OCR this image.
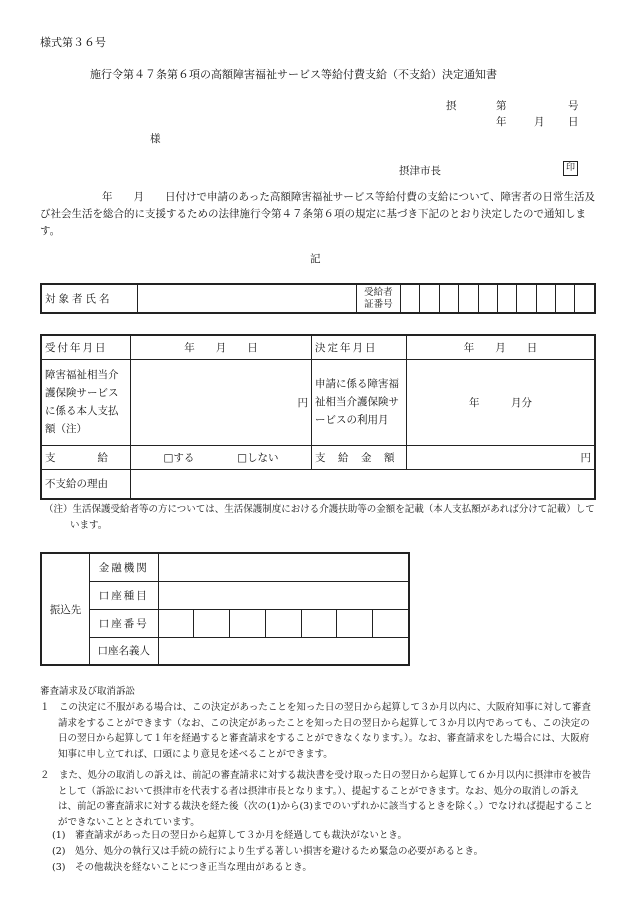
様式第３６号
施行令第４７条第６項の高額障害福祉サービス等給付費支給（不支給）決定通知書
摂	第	号
年	月 日
様
摂津市長	印
年　　月　　日付けで申請のあった高額障害福祉サービス等給付費の支給について、障害者の日常生活及び社会生活を総合的に支援するための法律施行令第４７条第６項の規定に基づき下記のとおり決定したので通知します。
記
対象者氏名		受給者
証番号										
受付年月日	年　　月　　日	決定年月日	年　　月　　日
障害福祉相当介護保険サービスに係る本人支払額（注）	円	申請に係る障害福祉相当介護保険サービスの利用月	年　　　月分
支　　　　給	□する □しない	支　給　金　額	円
不支給の理由			
（注）生活保護受給者等の方については、生活保護制度における介護扶助等の金額を記載（本人支払額があれば分けて記載）しています。
振込先	金融機関							
	口座種目							
	口座番号							
	口座名義人							
審査請求及び取消訴訟
１　この決定に不服がある場合は、この決定があったことを知った日の翌日から起算して３か月以内に、大阪府知事に対して審査請求をすることができます（なお、この決定があったことを知った日の翌日から起算して３か月以内であっても、この決定の日の翌日から起算して１年を経過すると審査請求をすることができなくなります。）。なお、審査請求をした場合には、大阪府知事に申し立てれば、口頭により意見を述べることができます。
２　また、処分の取消しの訴えは、前記の審査請求に対する裁決書を受け取った日の翌日から起算して６か月以内に摂津市を被告として（訴訟において摂津市を代表する者は摂津市長となります。）、提起することができます。なお、処分の取消しの訴えは、前記の審査請求に対する裁決を経た後（次の(1)から(3)までのいずれかに該当するときを除く。）でなければ提起することができないこととされています。
(1)　審査請求があった日の翌日から起算して３か月を経過しても裁決がないとき。
(2)　処分、処分の執行又は手続の続行により生ずる著しい損害を避けるため緊急の必要があるとき。
(3)　その他裁決を経ないことにつき正当な理由があるとき。
